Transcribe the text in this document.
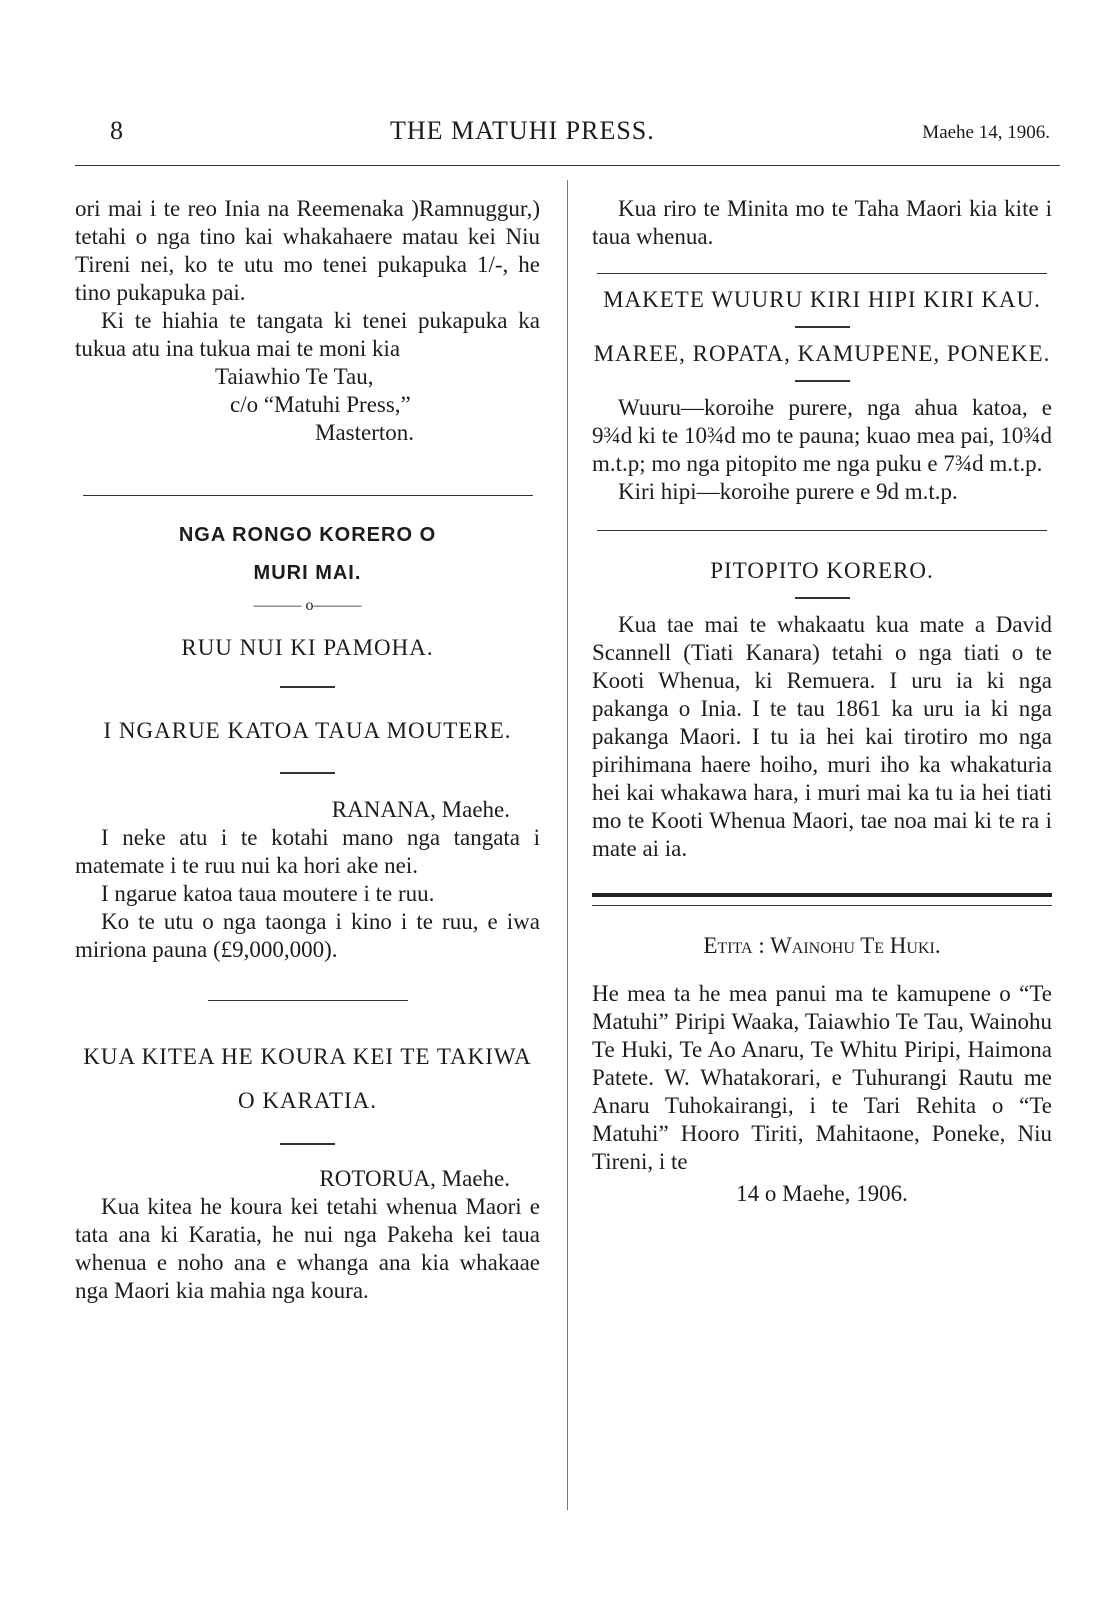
8	THE MATUHI PRESS.	Maehe 14, 1906.

ori mai i te reo Inia na Reemenaka )Ramnuggur,) tetahi o nga tino kai whakahaere matau kei Niu Tireni nei, ko te utu mo tenei pukapuka 1/-, he tino pukapuka pai.

Ki te hiahia te tangata ki tenei pukapuka ka tukua atu ina tukua mai te moni kia

Taiawhio Te Tau,
c/o “Matuhi Press,”
Masterton.

NGA RONGO KORERO O

MURI MAI.

——— o———

RUU NUI KI PAMOHA.

I NGARUE KATOA TAUA MOUTERE.

RANANA, Maehe.

I neke atu i te kotahi mano nga tangata i matemate i te ruu nui ka hori ake nei.

I ngarue katoa taua moutere i te ruu.

Ko te utu o nga taonga i kino i te ruu, e iwa miriona pauna (£9,000,000).

KUA KITEA HE KOURA KEI TE TAKIWA O KARATIA.

ROTORUA, Maehe.

Kua kitea he koura kei tetahi whenua Maori e tata ana ki Karatia, he nui nga Pakeha kei taua whenua e noho ana e whanga ana kia whakaae nga Maori kia mahia nga koura.

Kua riro te Minita mo te Taha Maori kia kite i taua whenua.

MAKETE WUURU KIRI HIPI KIRI KAU.

MAREE, ROPATA, KAMUPENE, PONEKE.

Wuuru—koroihe purere, nga ahua katoa, e 9¾d ki te 10¾d mo te pauna; kuao mea pai, 10¾d m.t.p; mo nga pitopito me nga puku e 7¾d m.t.p.

Kiri hipi—koroihe purere e 9d m.t.p.

PITOPITO KORERO.

Kua tae mai te whakaatu kua mate a David Scannell (Tiati Kanara) tetahi o nga tiati o te Kooti Whenua, ki Remuera. I uru ia ki nga pakanga o Inia. I te tau 1861 ka uru ia ki nga pakanga Maori. I tu ia hei kai tirotiro mo nga pirihimana haere hoiho, muri iho ka whakaturia hei kai whakawa hara, i muri mai ka tu ia hei tiati mo te Kooti Whenua Maori, tae noa mai ki te ra i mate ai ia.

Etita : Wainohu Te Huki.

He mea ta he mea panui ma te kamupene o “Te Matuhi” Piripi Waaka, Taiawhio Te Tau, Wainohu Te Huki, Te Ao Anaru, Te Whitu Piripi, Haimona Patete. W. Whatakorari, e Tuhurangi Rautu me Anaru Tuhokairangi, i te Tari Rehita o “Te Matuhi” Hooro Tiriti, Mahitaone, Poneke, Niu Tireni, i te

14 o Maehe, 1906.
